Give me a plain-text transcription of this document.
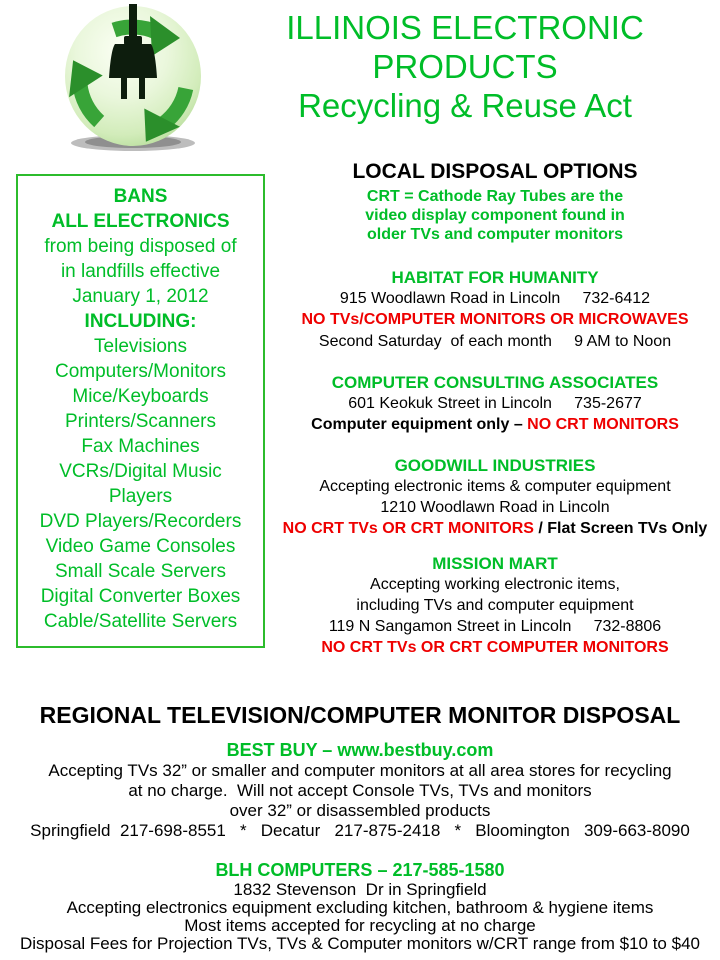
ILLINOIS ELECTRONIC
PRODUCTS
Recycling & Reuse Act
BANS
ALL ELECTRONICS
from being disposed of
in landfills effective
January 1, 2012
INCLUDING:
Televisions
Computers/Monitors
Mice/Keyboards
Printers/Scanners
Fax Machines
VCRs/Digital Music
Players
DVD Players/Recorders
Video Game Consoles
Small Scale Servers
Digital Converter Boxes
Cable/Satellite Servers
LOCAL DISPOSAL OPTIONS
CRT = Cathode Ray Tubes are the
video display component found in
older TVs and computer monitors
HABITAT FOR HUMANITY
915 Woodlawn Road in Lincoln     732-6412
NO TVs/COMPUTER MONITORS OR MICROWAVES
Second Saturday  of each month     9 AM to Noon
COMPUTER CONSULTING ASSOCIATES
601 Keokuk Street in Lincoln     735-2677
Computer equipment only – NO CRT MONITORS
GOODWILL INDUSTRIES
Accepting electronic items & computer equipment
1210 Woodlawn Road in Lincoln
NO CRT TVs OR CRT MONITORS / Flat Screen TVs Only
MISSION MART
Accepting working electronic items,
including TVs and computer equipment
119 N Sangamon Street in Lincoln     732-8806
NO CRT TVs OR CRT COMPUTER MONITORS
REGIONAL TELEVISION/COMPUTER MONITOR DISPOSAL
BEST BUY – www.bestbuy.com
Accepting TVs 32” or smaller and computer monitors at all area stores for recycling
at no charge.  Will not accept Console TVs, TVs and monitors
over 32” or disassembled products
Springfield  217-698-8551   *   Decatur   217-875-2418   *   Bloomington   309-663-8090
BLH COMPUTERS – 217-585-1580
1832 Stevenson  Dr in Springfield
Accepting electronics equipment excluding kitchen, bathroom & hygiene items
Most items accepted for recycling at no charge
Disposal Fees for Projection TVs, TVs & Computer monitors w/CRT range from $10 to $40
